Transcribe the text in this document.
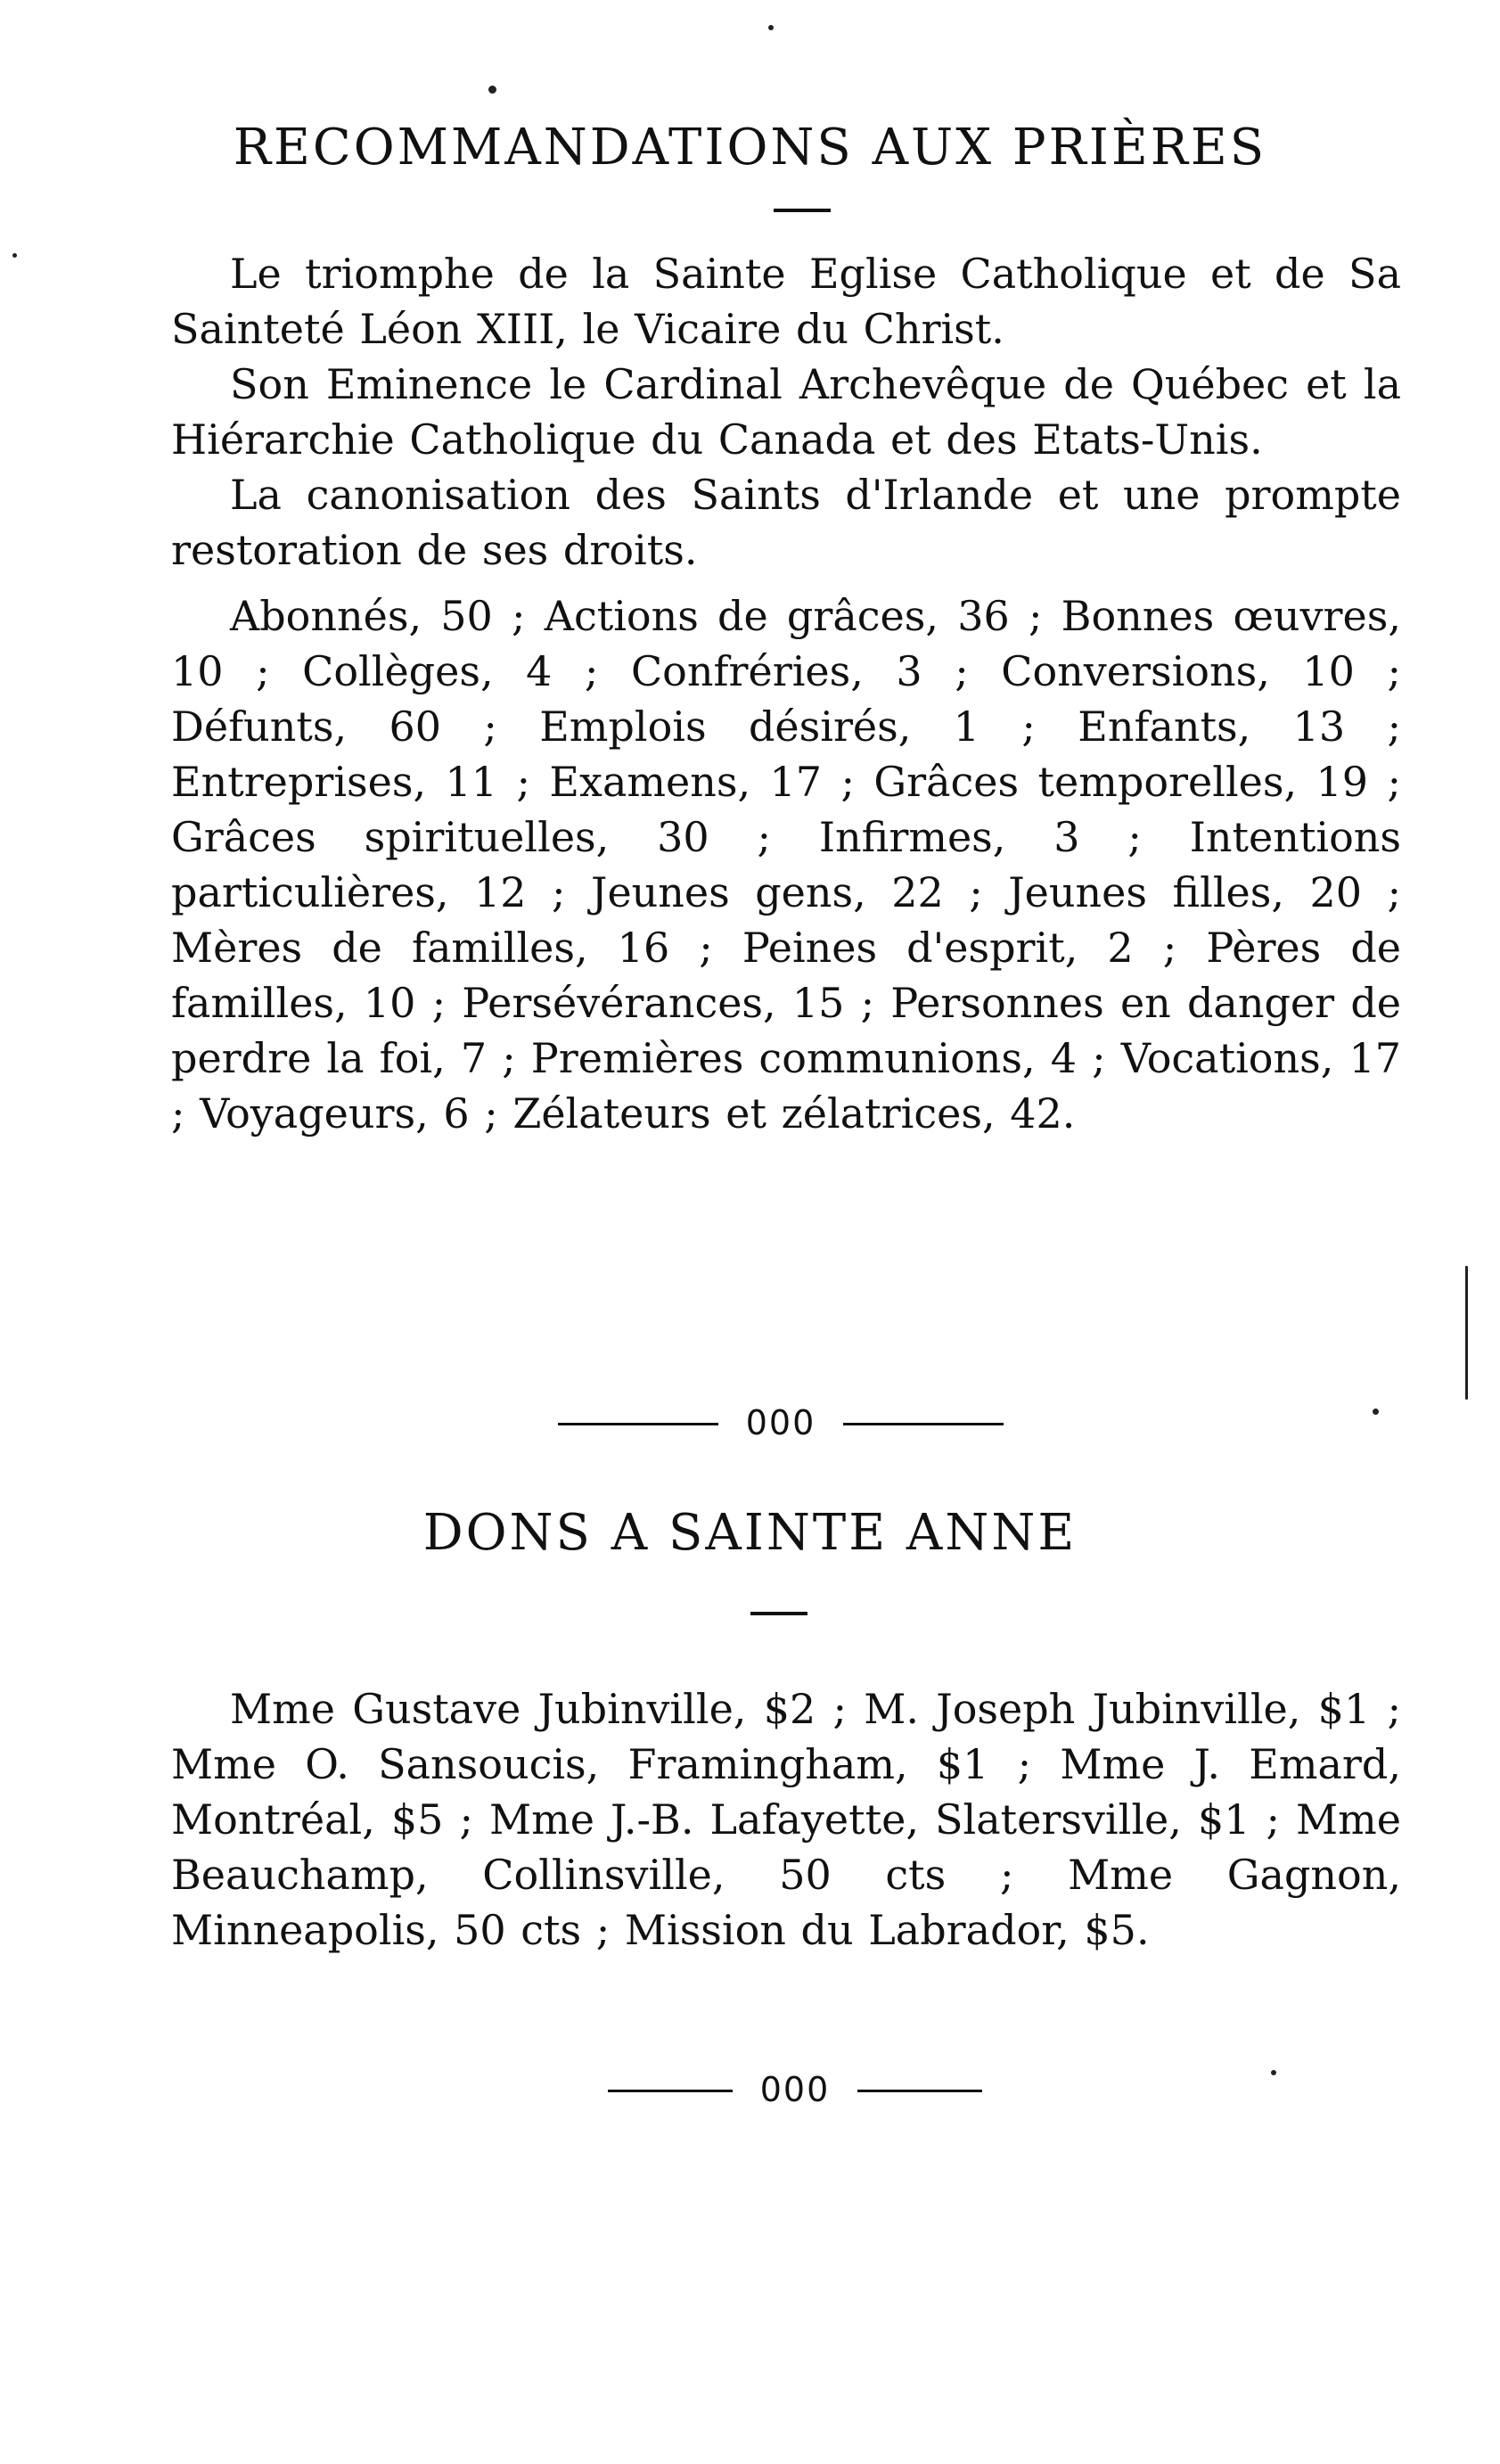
RECOMMANDATIONS AUX PRIÈRES

Le triomphe de la Sainte Eglise Catholique et de Sa Sainteté Léon XIII, le Vicaire du Christ.

Son Eminence le Cardinal Archevêque de Québec et la Hiérarchie Catholique du Canada et des Etats-Unis.

La canonisation des Saints d'Irlande et une prompte restoration de ses droits.

Abonnés, 50 ; Actions de grâces, 36 ; Bonnes œuvres, 10 ; Collèges, 4 ; Confréries, 3 ; Conversions, 10 ; Défunts, 60 ; Emplois désirés, 1 ; Enfants, 13 ; Entreprises, 11 ; Examens, 17 ; Grâces temporelles, 19 ; Grâces spirituelles, 30 ; Infirmes, 3 ; Intentions particulières, 12 ; Jeunes gens, 22 ; Jeunes filles, 20 ; Mères de familles, 16 ; Peines d'esprit, 2 ; Pères de familles, 10 ; Persévérances, 15 ; Personnes en danger de perdre la foi, 7 ; Premières communions, 4 ; Vocations, 17 ; Voyageurs, 6 ; Zélateurs et zélatrices, 42.

000
DONS A SAINTE ANNE

Mme Gustave Jubinville, $2 ; M. Joseph Jubinville, $1 ; Mme O. Sansoucis, Framingham, $1 ; Mme J. Emard, Montréal, $5 ; Mme J.-B. Lafayette, Slatersville, $1 ; Mme Beauchamp, Collinsville, 50 cts ; Mme Gagnon, Minneapolis, 50 cts ; Mission du Labrador, $5.

000
